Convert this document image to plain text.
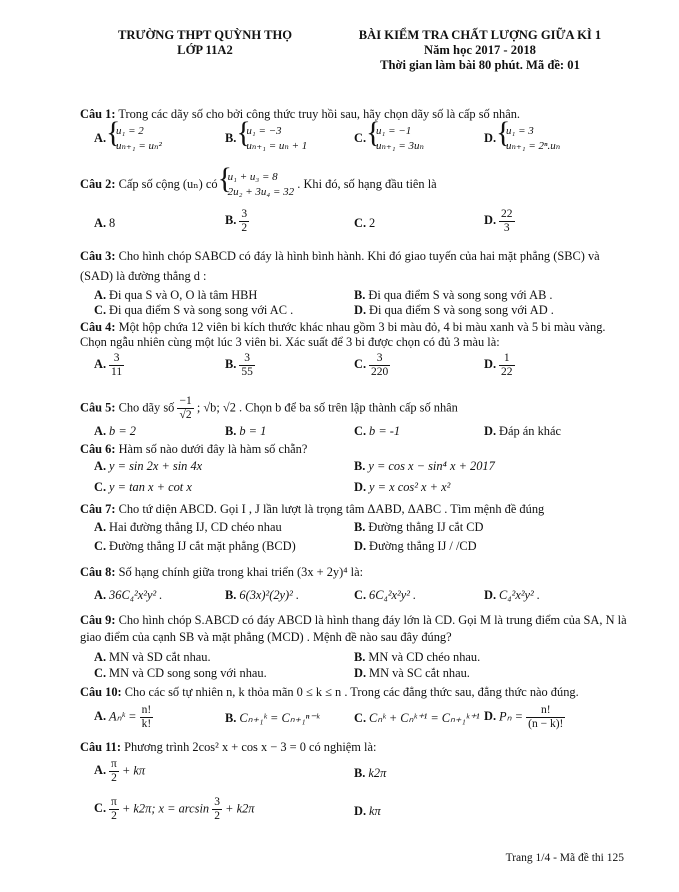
TRƯỜNG THPT QUỲNH THỌ
LỚP 11A2
BÀI KIỂM TRA CHẤT LƯỢNG GIỮA KÌ 1
Năm học 2017 - 2018
Thời gian làm bài 80 phút. Mã đề: 01
Câu 1: Trong các dãy số cho bởi công thức truy hồi sau, hãy chọn dãy số là cấp số nhân.
A. { u₁ = 2
uₙ₊₁ = uₙ²
B. { u₁ = −3
uₙ₊₁ = uₙ + 1
C. { u₁ = −1
uₙ₊₁ = 3uₙ
D. { u₁ = 3
uₙ₊₁ = 2ⁿ.uₙ
Câu 2: Cấp số cộng (uₙ) có { u₁ + u₃ = 8
2u₂ + 3u₄ = 32
. Khi đó, số hạng đầu tiên là
A. 8	B. $\frac{3}{2}$	C. 2	D. $\frac{22}{3}$
Câu 3: Cho hình chóp SABCD có đáy là hình bình hành. Khi đó giao tuyến của hai mặt phẳng (SBC) và (SAD) là đường thẳng d :
A. Đi qua S và O, O là tâm HBH	B. Đi qua điểm S và song song với AB .
C. Đi qua điểm S và song song với AC .	D. Đi qua điểm S và song song với AD .
Câu 4: Một hộp chứa 12 viên bi kích thước khác nhau gồm 3 bi màu đỏ, 4 bi màu xanh và 5 bi màu vàng. Chọn ngẫu nhiên cùng một lúc 3 viên bi. Xác suất để 3 bi được chọn có đủ 3 màu là:
A. $\frac{3}{11}$	B. $\frac{3}{55}$	C. $\frac{3}{220}$	D. $\frac{1}{22}$
Câu 5: Cho dãy số $\frac{-1}{√2}$ ; √b; √2 . Chọn b để ba số trên lập thành cấp số nhân
A. b = 2	B. b = 1	C. b = -1	D. Đáp án khác
Câu 6: Hàm số nào dưới đây là hàm số chẵn?
A. y = sin 2x + sin 4x	B. y = cos x − sin⁴ x + 2017
C. y = tan x + cot x	D. y = x cos² x + x²
Câu 7: Cho tứ diện ABCD. Gọi I , J lần lượt là trọng tâm ΔABD, ΔABC . Tìm mệnh đề đúng
A. Hai đường thẳng IJ, CD chéo nhau	B. Đường thẳng IJ cắt CD
C. Đường thẳng IJ cắt mặt phẳng (BCD)	D. Đường thẳng IJ / /CD
Câu 8: Số hạng chính giữa trong khai triển (3x + 2y)⁴ là:
A. 36C₄²x²y² .	B. 6(3x)²(2y)² .	C. 6C₄²x²y² .	D. C₄²x²y² .
Câu 9: Cho hình chóp S.ABCD có đáy ABCD là hình thang đáy lớn là CD. Gọi M là trung điểm của SA, N là giao điểm của cạnh SB và mặt phẳng (MCD) . Mệnh đề nào sau đây đúng?
A. MN và SD cắt nhau.	B. MN và CD chéo nhau.
C. MN và CD song song với nhau.	D. MN và SC cắt nhau.
Câu 10: Cho các số tự nhiên n, k thỏa mãn 0 ≤ k ≤ n . Trong các đẳng thức sau, đẳng thức nào đúng.
A. Aₙᵏ = $\frac{n!}{k!}$	B. Cₙ₊₁ᵏ = Cₙ₊₁ⁿ⁻ᵏ	C. Cₙᵏ + Cₙᵏ⁺¹ = Cₙ₊₁ᵏ⁺¹ D. $P_n = \frac{n!}{(n - k)!}$
Câu 11: Phương trình 2cos² x + cos x − 3 = 0 có nghiệm là:
A. $\frac{\pi}{2} + k\pi$	B. k2π
C. $\frac{\pi}{2} + k2\pi$; $x = \arcsin \frac{3}{2} + k2\pi$	D. kπ
Trang 1/4 - Mã đề thi 125
